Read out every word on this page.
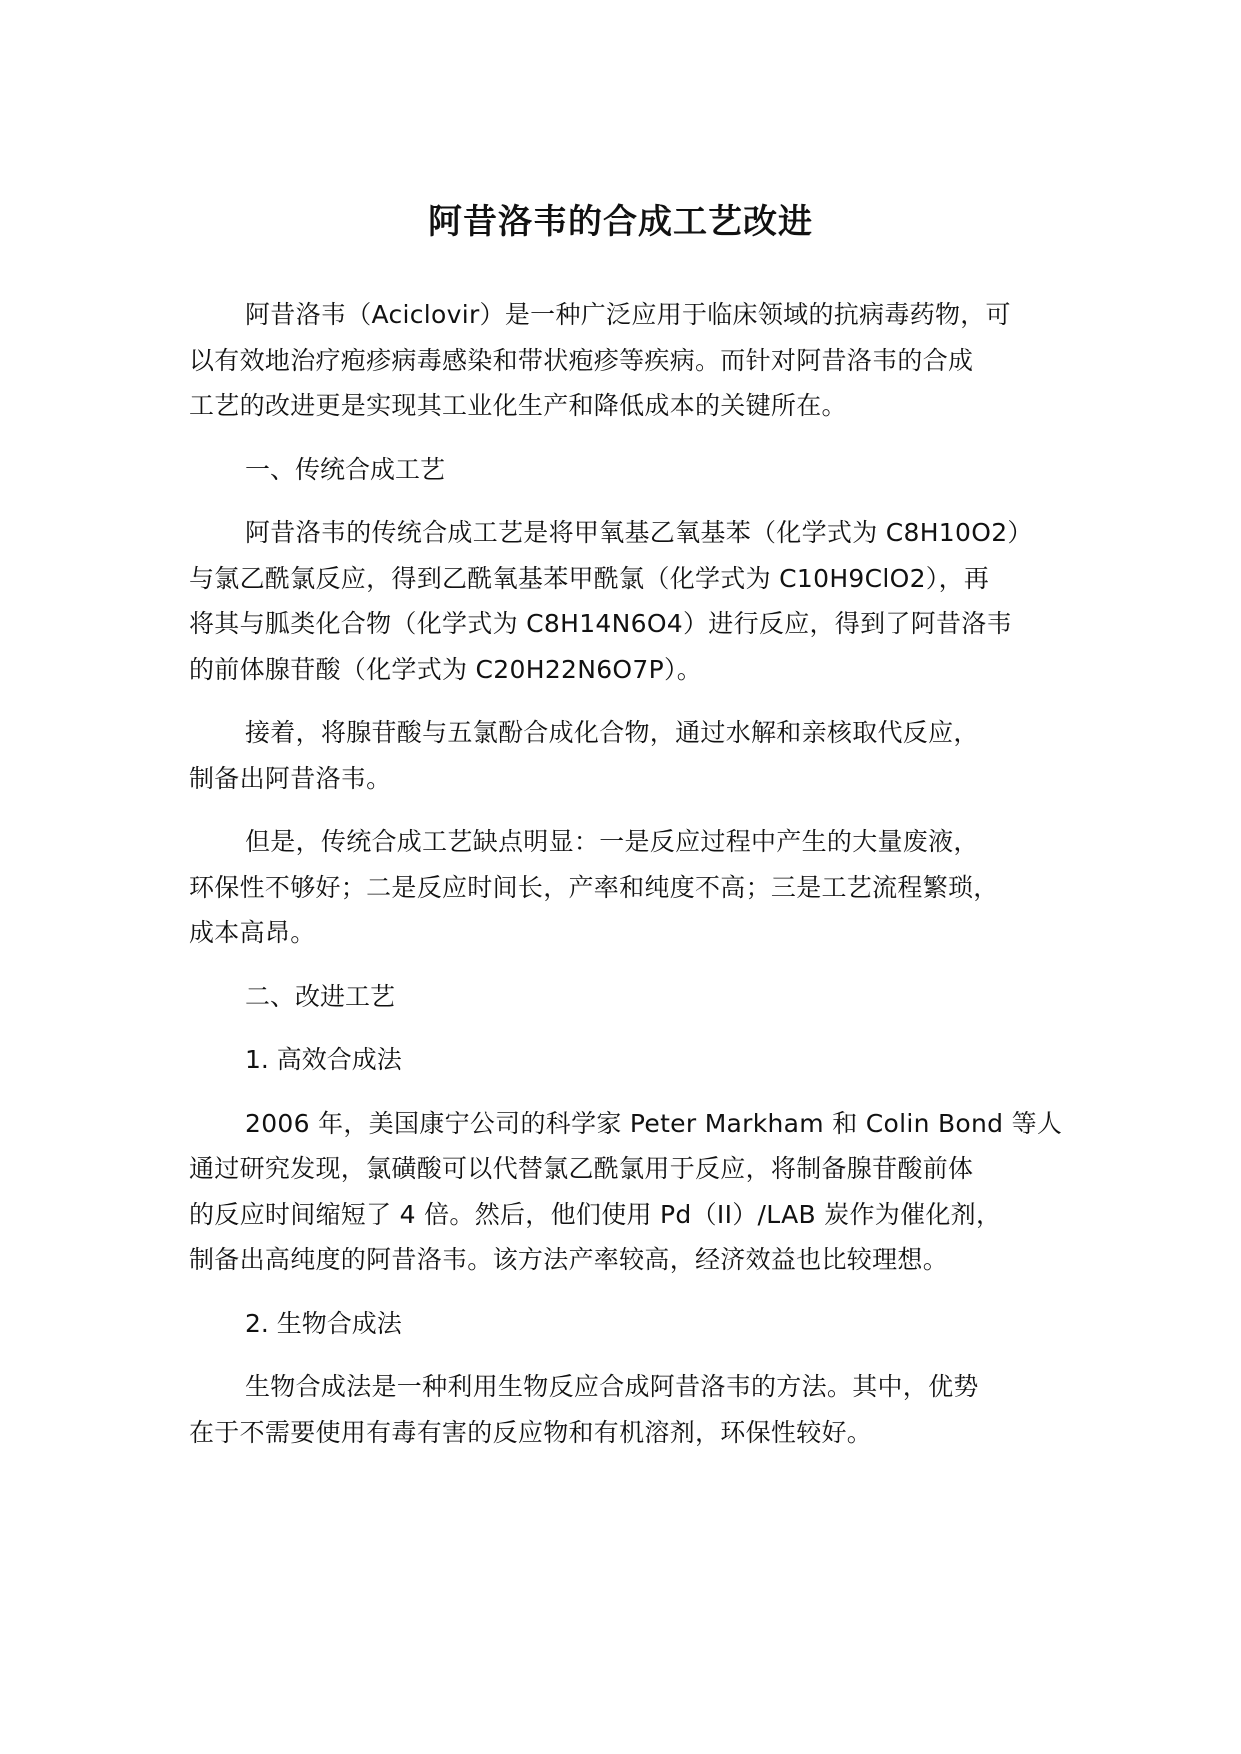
阿昔洛韦的合成工艺改进

阿昔洛韦（Aciclovir）是一种广泛应用于临床领域的抗病毒药物，可
以有效地治疗疱疹病毒感染和带状疱疹等疾病。而针对阿昔洛韦的合成
工艺的改进更是实现其工业化生产和降低成本的关键所在。

一、传统合成工艺

阿昔洛韦的传统合成工艺是将甲氧基乙氧基苯（化学式为 C8H10O2）
与氯乙酰氯反应，得到乙酰氧基苯甲酰氯（化学式为 C10H9ClO2），再
将其与胍类化合物（化学式为 C8H14N6O4）进行反应，得到了阿昔洛韦
的前体腺苷酸（化学式为 C20H22N6O7P）。

接着，将腺苷酸与五氯酚合成化合物，通过水解和亲核取代反应，
制备出阿昔洛韦。

但是，传统合成工艺缺点明显：一是反应过程中产生的大量废液，
环保性不够好；二是反应时间长，产率和纯度不高；三是工艺流程繁琐，
成本高昂。

二、改进工艺
1. 高效合成法

2006 年，美国康宁公司的科学家 Peter Markham 和 Colin Bond 等人
通过研究发现，氯磺酸可以代替氯乙酰氯用于反应，将制备腺苷酸前体
的反应时间缩短了 4 倍。然后，他们使用 Pd（II）/LAB 炭作为催化剂，
制备出高纯度的阿昔洛韦。该方法产率较高，经济效益也比较理想。

2. 生物合成法

生物合成法是一种利用生物反应合成阿昔洛韦的方法。其中，优势
在于不需要使用有毒有害的反应物和有机溶剂，环保性较好。
